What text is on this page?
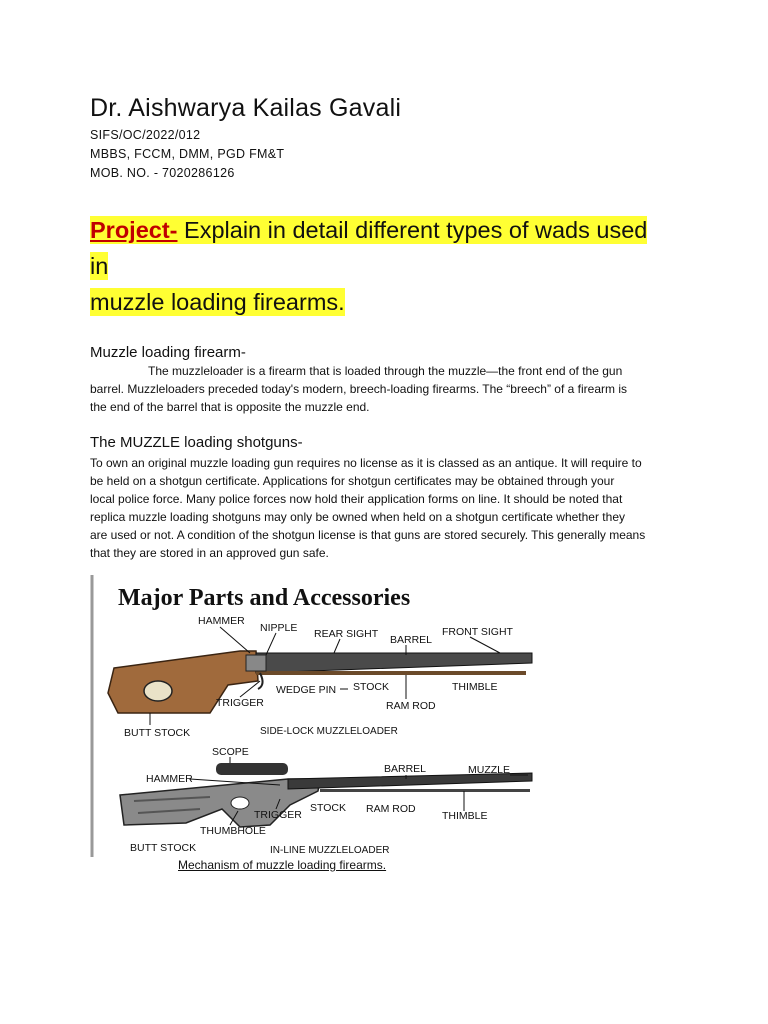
Dr. Aishwarya Kailas Gavali
SIFS/OC/2022/012
MBBS, FCCM, DMM, PGD FM&T
MOB. NO. - 7020286126
Project- Explain in detail different types of wads used in
muzzle loading firearms.
Muzzle loading firearm-
The muzzleloader is a firearm that is loaded through the muzzle—the front end of the gun
barrel. Muzzleloaders preceded today's modern, breech-loading firearms. The “breech” of a firearm is
the end of the barrel that is opposite the muzzle end.
The MUZZLE loading shotguns-
To own an original muzzle loading gun requires no license as it is classed as an antique. It will require to
be held on a shotgun certificate. Applications for shotgun certificates may be obtained through your
local police force. Many police forces now hold their application forms on line. It should be noted that
replica muzzle loading shotguns may only be owned when held on a shotgun certificate whether they
are used or not. A condition of the shotgun license is that guns are stored securely. This generally means
that they are stored in an approved gun safe.
Major Parts and Accessories
HAMMER
NIPPLE REAR SIGHT BARREL
FRONT SIGHT
TRIGGER
WEDGE PIN STOCK	THIMBLE
RAM ROD
BUTT STOCK	SIDE-LOCK MUZZLELOADER
SCOPE
HAMMER
BARREL	MUZZLE
TRIGGER
STOCK RAM ROD
THIMBLE
THUMBHOLE
BUTT STOCK	IN-LINE MUZZLELOADER
Mechanism of muzzle loading firearms.
